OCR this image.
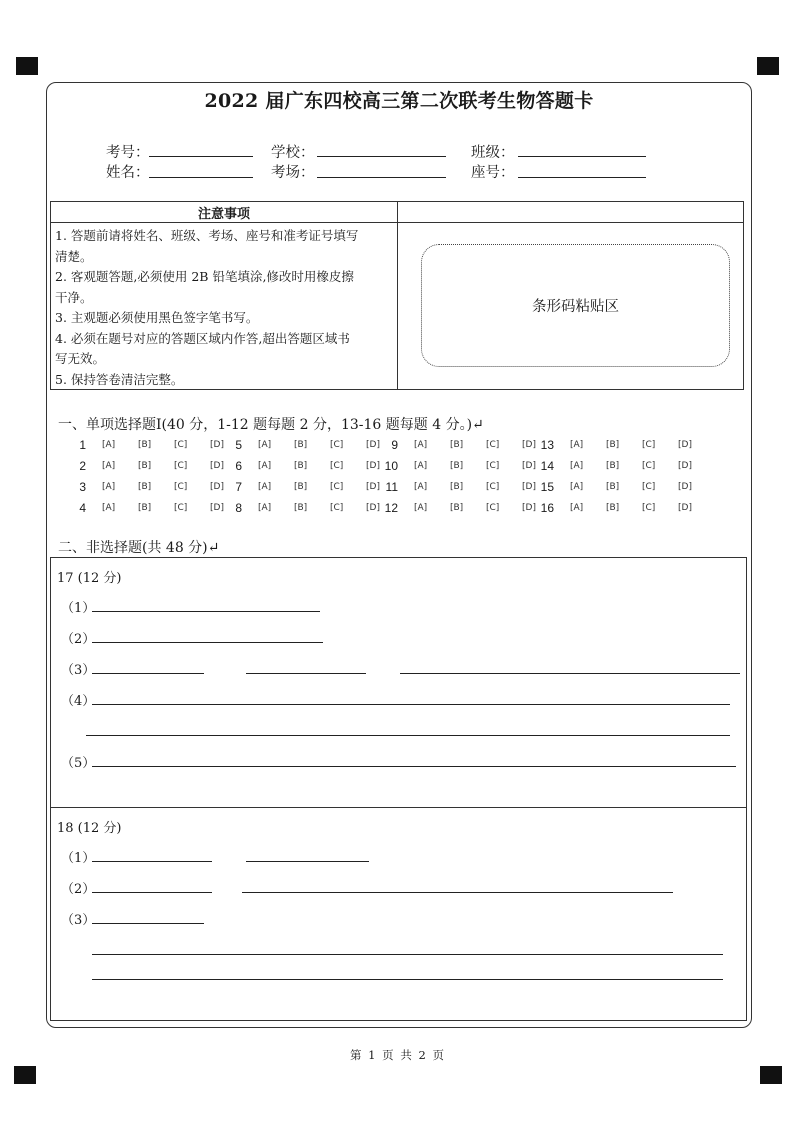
2022 届广东四校高三第二次联考生物答题卡
考号：	学校：	班级：
姓名：	考场：	座号：
注意事项
1. 答题前请将姓名、班级、考场、座号和准考证号填写
清楚。
2. 客观题答题,必须使用 2B 铅笔填涂,修改时用橡皮擦
干净。
3. 主观题必须使用黑色签字笔书写。
4. 必须在题号对应的答题区域内作答,超出答题区域书
写无效。
5. 保持答卷清洁完整。
条形码粘贴区
一、单项选择题I(40 分，1-12 题每题 2 分，13-16 题每题 4 分。)↵
1 [A]	[B]	[C]	[D]
2 [A]	[B]	[C]	[D]
3 [A]	[B]	[C]	[D]
4 [A]	[B]	[C]	[D]
5 [A]	[B]	[C]	[D]
6 [A]	[B]	[C]	[D]
7 [A]	[B]	[C]	[D]
8 [A]	[B]	[C]	[D]
9 [A]	[B]	[C]	[D]
10 [A]	[B]	[C]	[D]
11 [A]	[B]	[C]	[D]
12 [A]	[B]	[C]	[D]
13 [A]	[B]	[C]	[D]
14 [A]	[B]	[C]	[D]
15 [A]	[B]	[C]	[D]
16 [A]	[B]	[C]	[D]
二、非选择题(共 48 分)↵
17 (12 分)
（1）
（2）
（3）
（4）
（5）
18 (12 分)
（1）
（2）
（3）
第 1 页 共 2 页
